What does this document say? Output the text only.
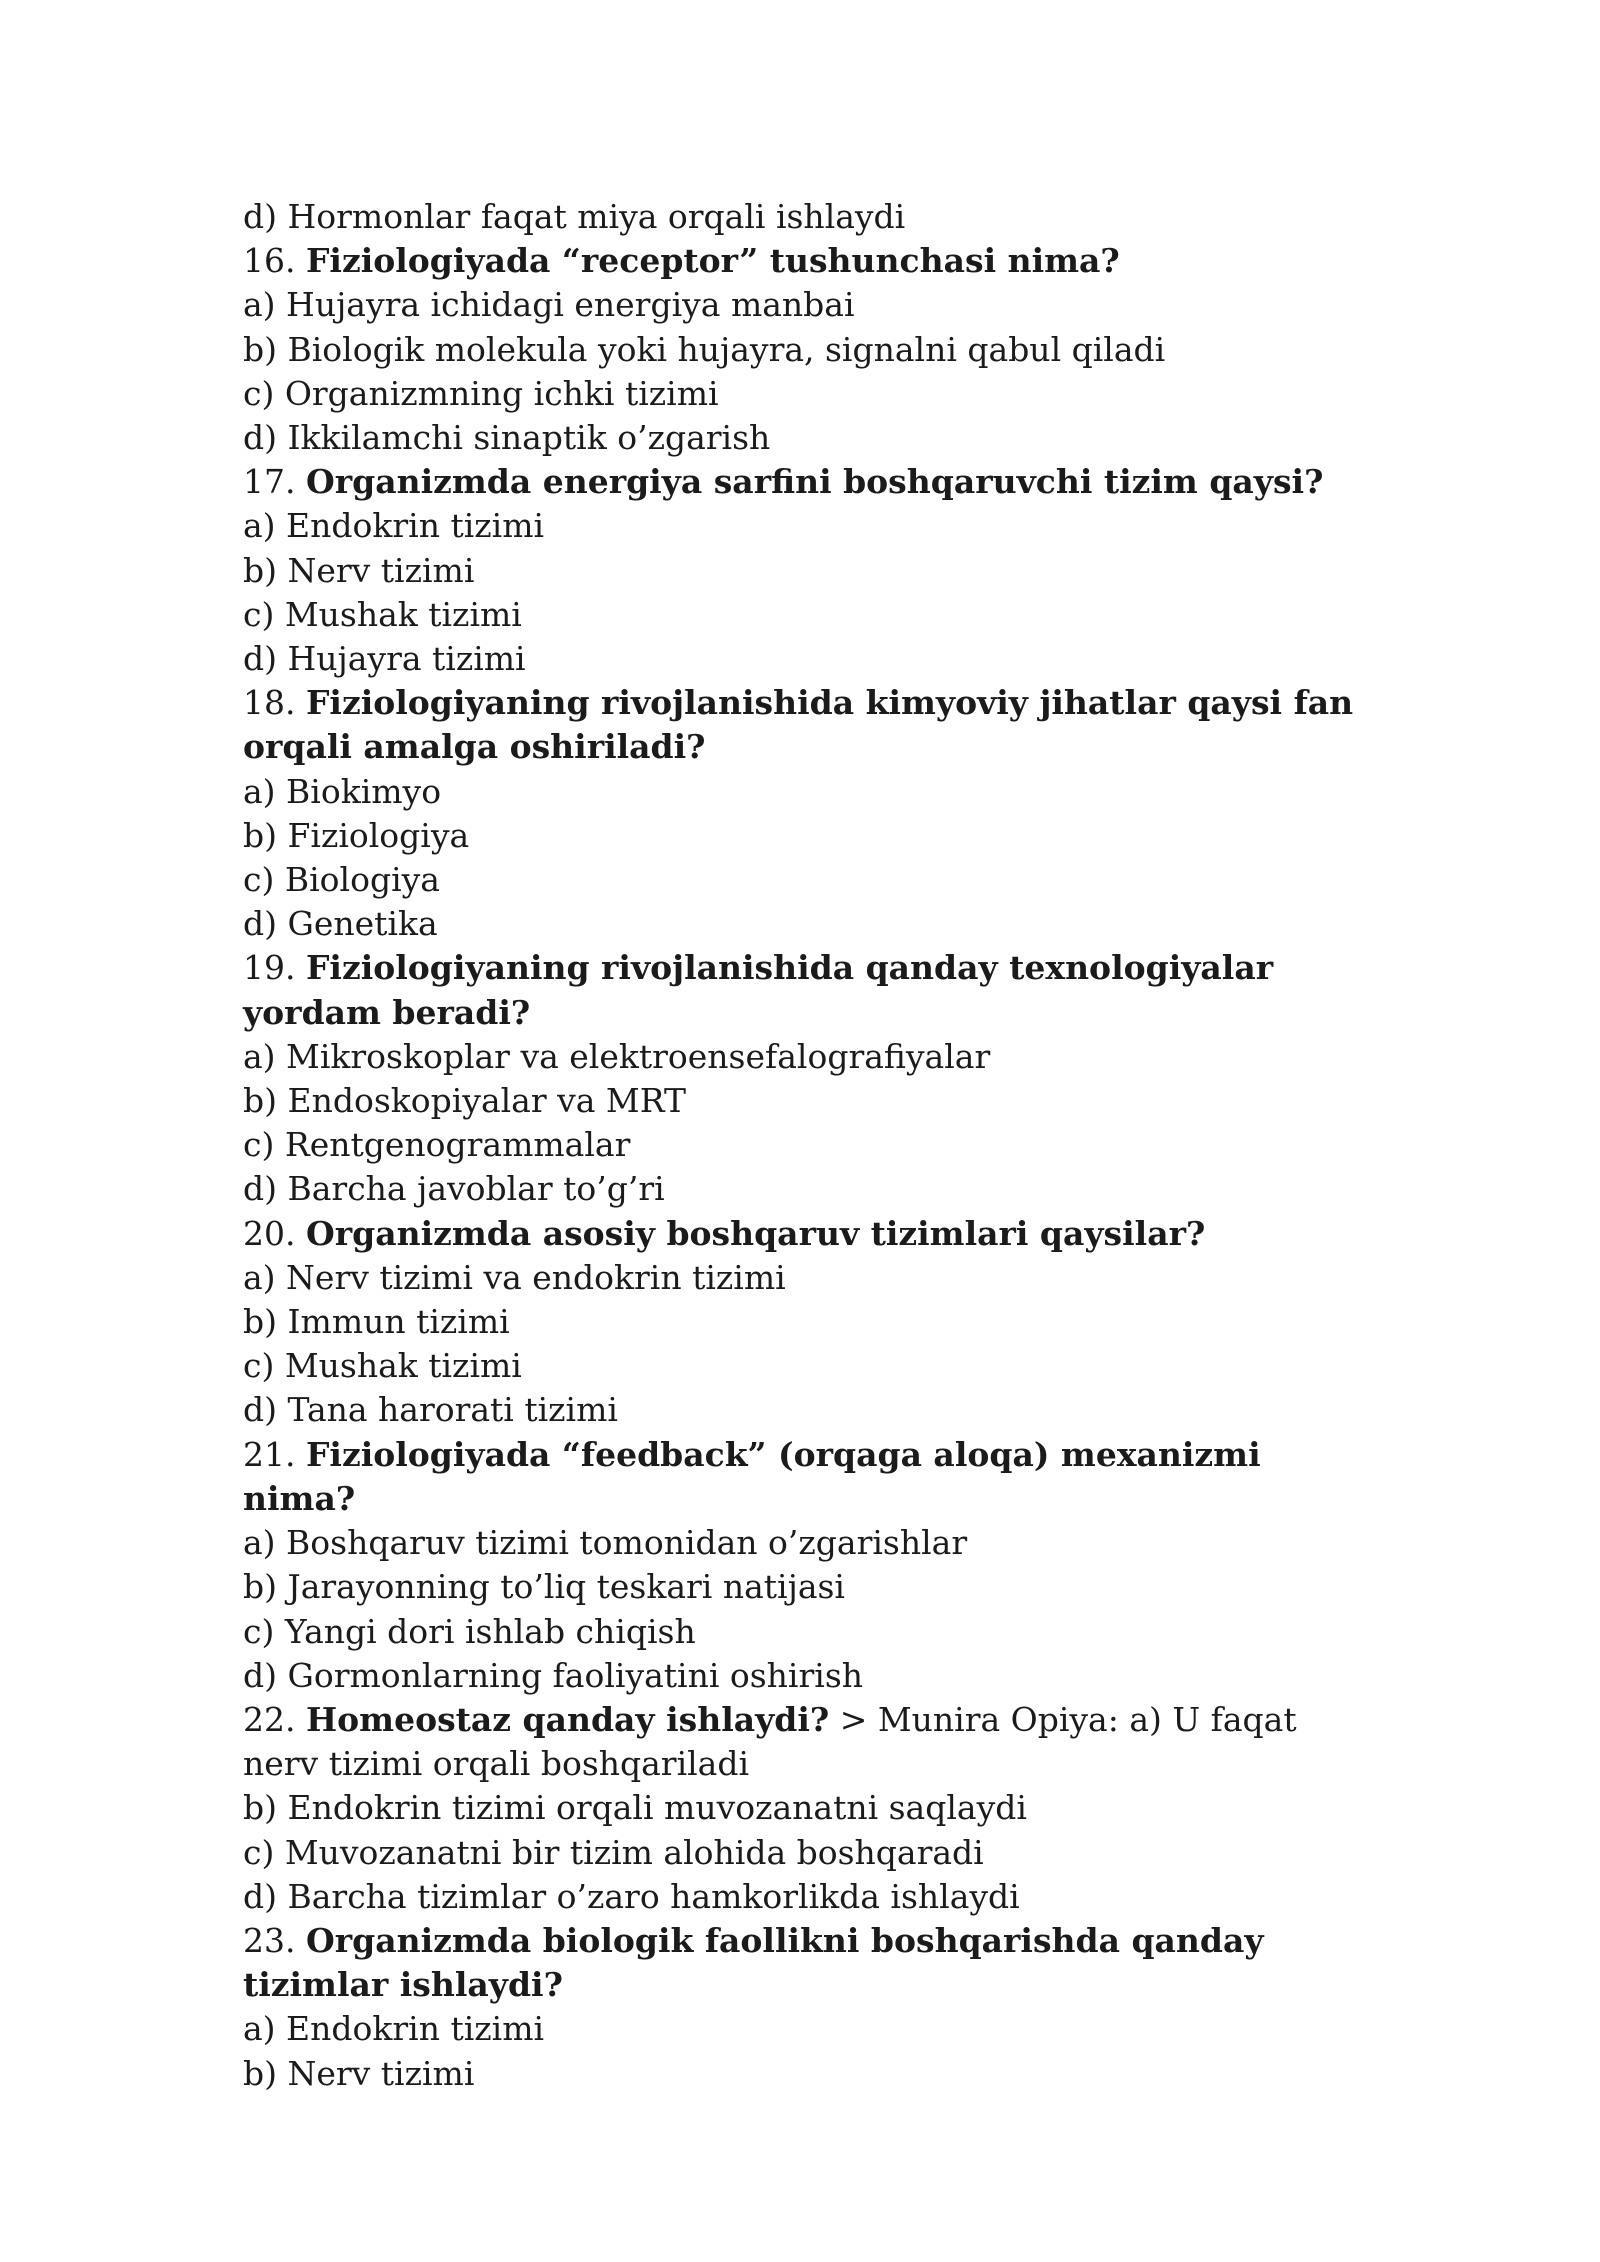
d) Hormonlar faqat miya orqali ishlaydi
16. Fiziologiyada “receptor” tushunchasi nima?
a) Hujayra ichidagi energiya manbai
b) Biologik molekula yoki hujayra, signalni qabul qiladi
c) Organizmning ichki tizimi
d) Ikkilamchi sinaptik o’zgarish
17. Organizmda energiya sarfini boshqaruvchi tizim qaysi?
a) Endokrin tizimi
b) Nerv tizimi
c) Mushak tizimi
d) Hujayra tizimi
18. Fiziologiyaning rivojlanishida kimyoviy jihatlar qaysi fan orqali amalga oshiriladi?
a) Biokimyo
b) Fiziologiya
c) Biologiya
d) Genetika
19. Fiziologiyaning rivojlanishida qanday texnologiyalar yordam beradi?
a) Mikroskoplar va elektroensefalografiyalar
b) Endoskopiyalar va MRT
c) Rentgenogrammalar
d) Barcha javoblar to’g’ri
20. Organizmda asosiy boshqaruv tizimlari qaysilar?
a) Nerv tizimi va endokrin tizimi
b) Immun tizimi
c) Mushak tizimi
d) Tana harorati tizimi
21. Fiziologiyada “feedback” (orqaga aloqa) mexanizmi nima?
a) Boshqaruv tizimi tomonidan o’zgarishlar
b) Jarayonning to’liq teskari natijasi
c) Yangi dori ishlab chiqish
d) Gormonlarning faoliyatini oshirish
22. Homeostaz qanday ishlaydi? > Munira Opiya: a) U faqat nerv tizimi orqali boshqariladi
b) Endokrin tizimi orqali muvozanatni saqlaydi
c) Muvozanatni bir tizim alohida boshqaradi
d) Barcha tizimlar o’zaro hamkorlikda ishlaydi
23. Organizmda biologik faollikni boshqarishda qanday tizimlar ishlaydi?
a) Endokrin tizimi
b) Nerv tizimi
